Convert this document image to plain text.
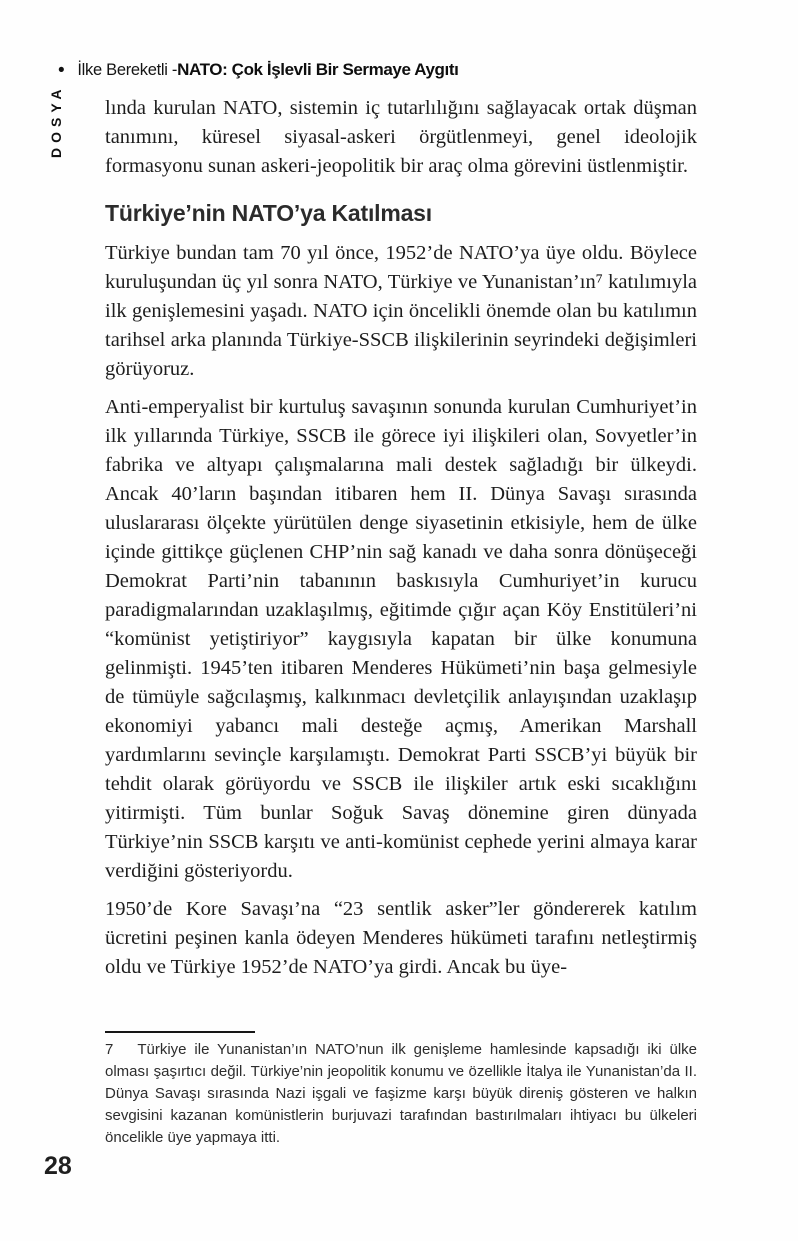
• İlke Bereketli - NATO: Çok İşlevli Bir Sermaye Aygıtı
DOSYA lında kurulan NATO, sistemin iç tutarlılığını sağlayacak ortak düşman tanımını, küresel siyasal-askeri örgütlenmeyi, genel ideolojik formasyonu sunan askeri-jeopolitik bir araç olma görevini üstlenmiştir.

Türkiye’nin NATO’ya Katılması

Türkiye bundan tam 70 yıl önce, 1952’de NATO’ya üye oldu. Böylece kuruluşundan üç yıl sonra NATO, Türkiye ve Yunanistan’ın⁷ katılımıyla ilk genişlemesini yaşadı. NATO için öncelikli önemde olan bu katılımın tarihsel arka planında Türkiye-SSCB ilişkilerinin seyrindeki değişimleri görüyoruz.

Anti-emperyalist bir kurtuluş savaşının sonunda kurulan Cumhuriyet’in ilk yıllarında Türkiye, SSCB ile görece iyi ilişkileri olan, Sovyetler’in fabrika ve altyapı çalışmalarına mali destek sağladığı bir ülkeydi. Ancak 40’ların başından itibaren hem II. Dünya Savaşı sırasında uluslararası ölçekte yürütülen denge siyasetinin etkisiyle, hem de ülke içinde gittikçe güçlenen CHP’nin sağ kanadı ve daha sonra dönüşeceği Demokrat Parti’nin tabanının baskısıyla Cumhuriyet’in kurucu paradigmalarından uzaklaşılmış, eğitimde çığır açan Köy Enstitüleri’ni “komünist yetiştiriyor” kaygısıyla kapatan bir ülke konumuna gelinmişti. 1945’ten itibaren Menderes Hükümeti’nin başa gelmesiyle de tümüyle sağcılaşmış, kalkınmacı devletçilik anlayışından uzaklaşıp ekonomiyi yabancı mali desteğe açmış, Amerikan Marshall yardımlarını sevinçle karşılamıştı. Demokrat Parti SSCB’yi büyük bir tehdit olarak görüyordu ve SSCB ile ilişkiler artık eski sıcaklığını yitirmişti. Tüm bunlar Soğuk Savaş dönemine giren dünyada Türkiye’nin SSCB karşıtı ve anti-komünist cephede yerini almaya karar verdiğini gösteriyordu.

1950’de Kore Savaşı’na “23 sentlik asker”ler göndererek katılım ücretini peşinen kanla ödeyen Menderes hükümeti tarafını netleştirmiş oldu ve Türkiye 1952’de NATO’ya girdi. Ancak bu üye-

7 Türkiye ile Yunanistan’ın NATO’nun ilk genişleme hamlesinde kapsadığı iki ülke olması şaşırtıcı değil. Türkiye’nin jeopolitik konumu ve özellikle İtalya ile Yunanistan’da II. Dünya Savaşı sırasında Nazi işgali ve faşizme karşı büyük direniş gösteren ve halkın sevgisini kazanan komünistlerin burjuvazi tarafından bastırılmaları ihtiyacı bu ülkeleri öncelikle üye yapmaya itti.
28
